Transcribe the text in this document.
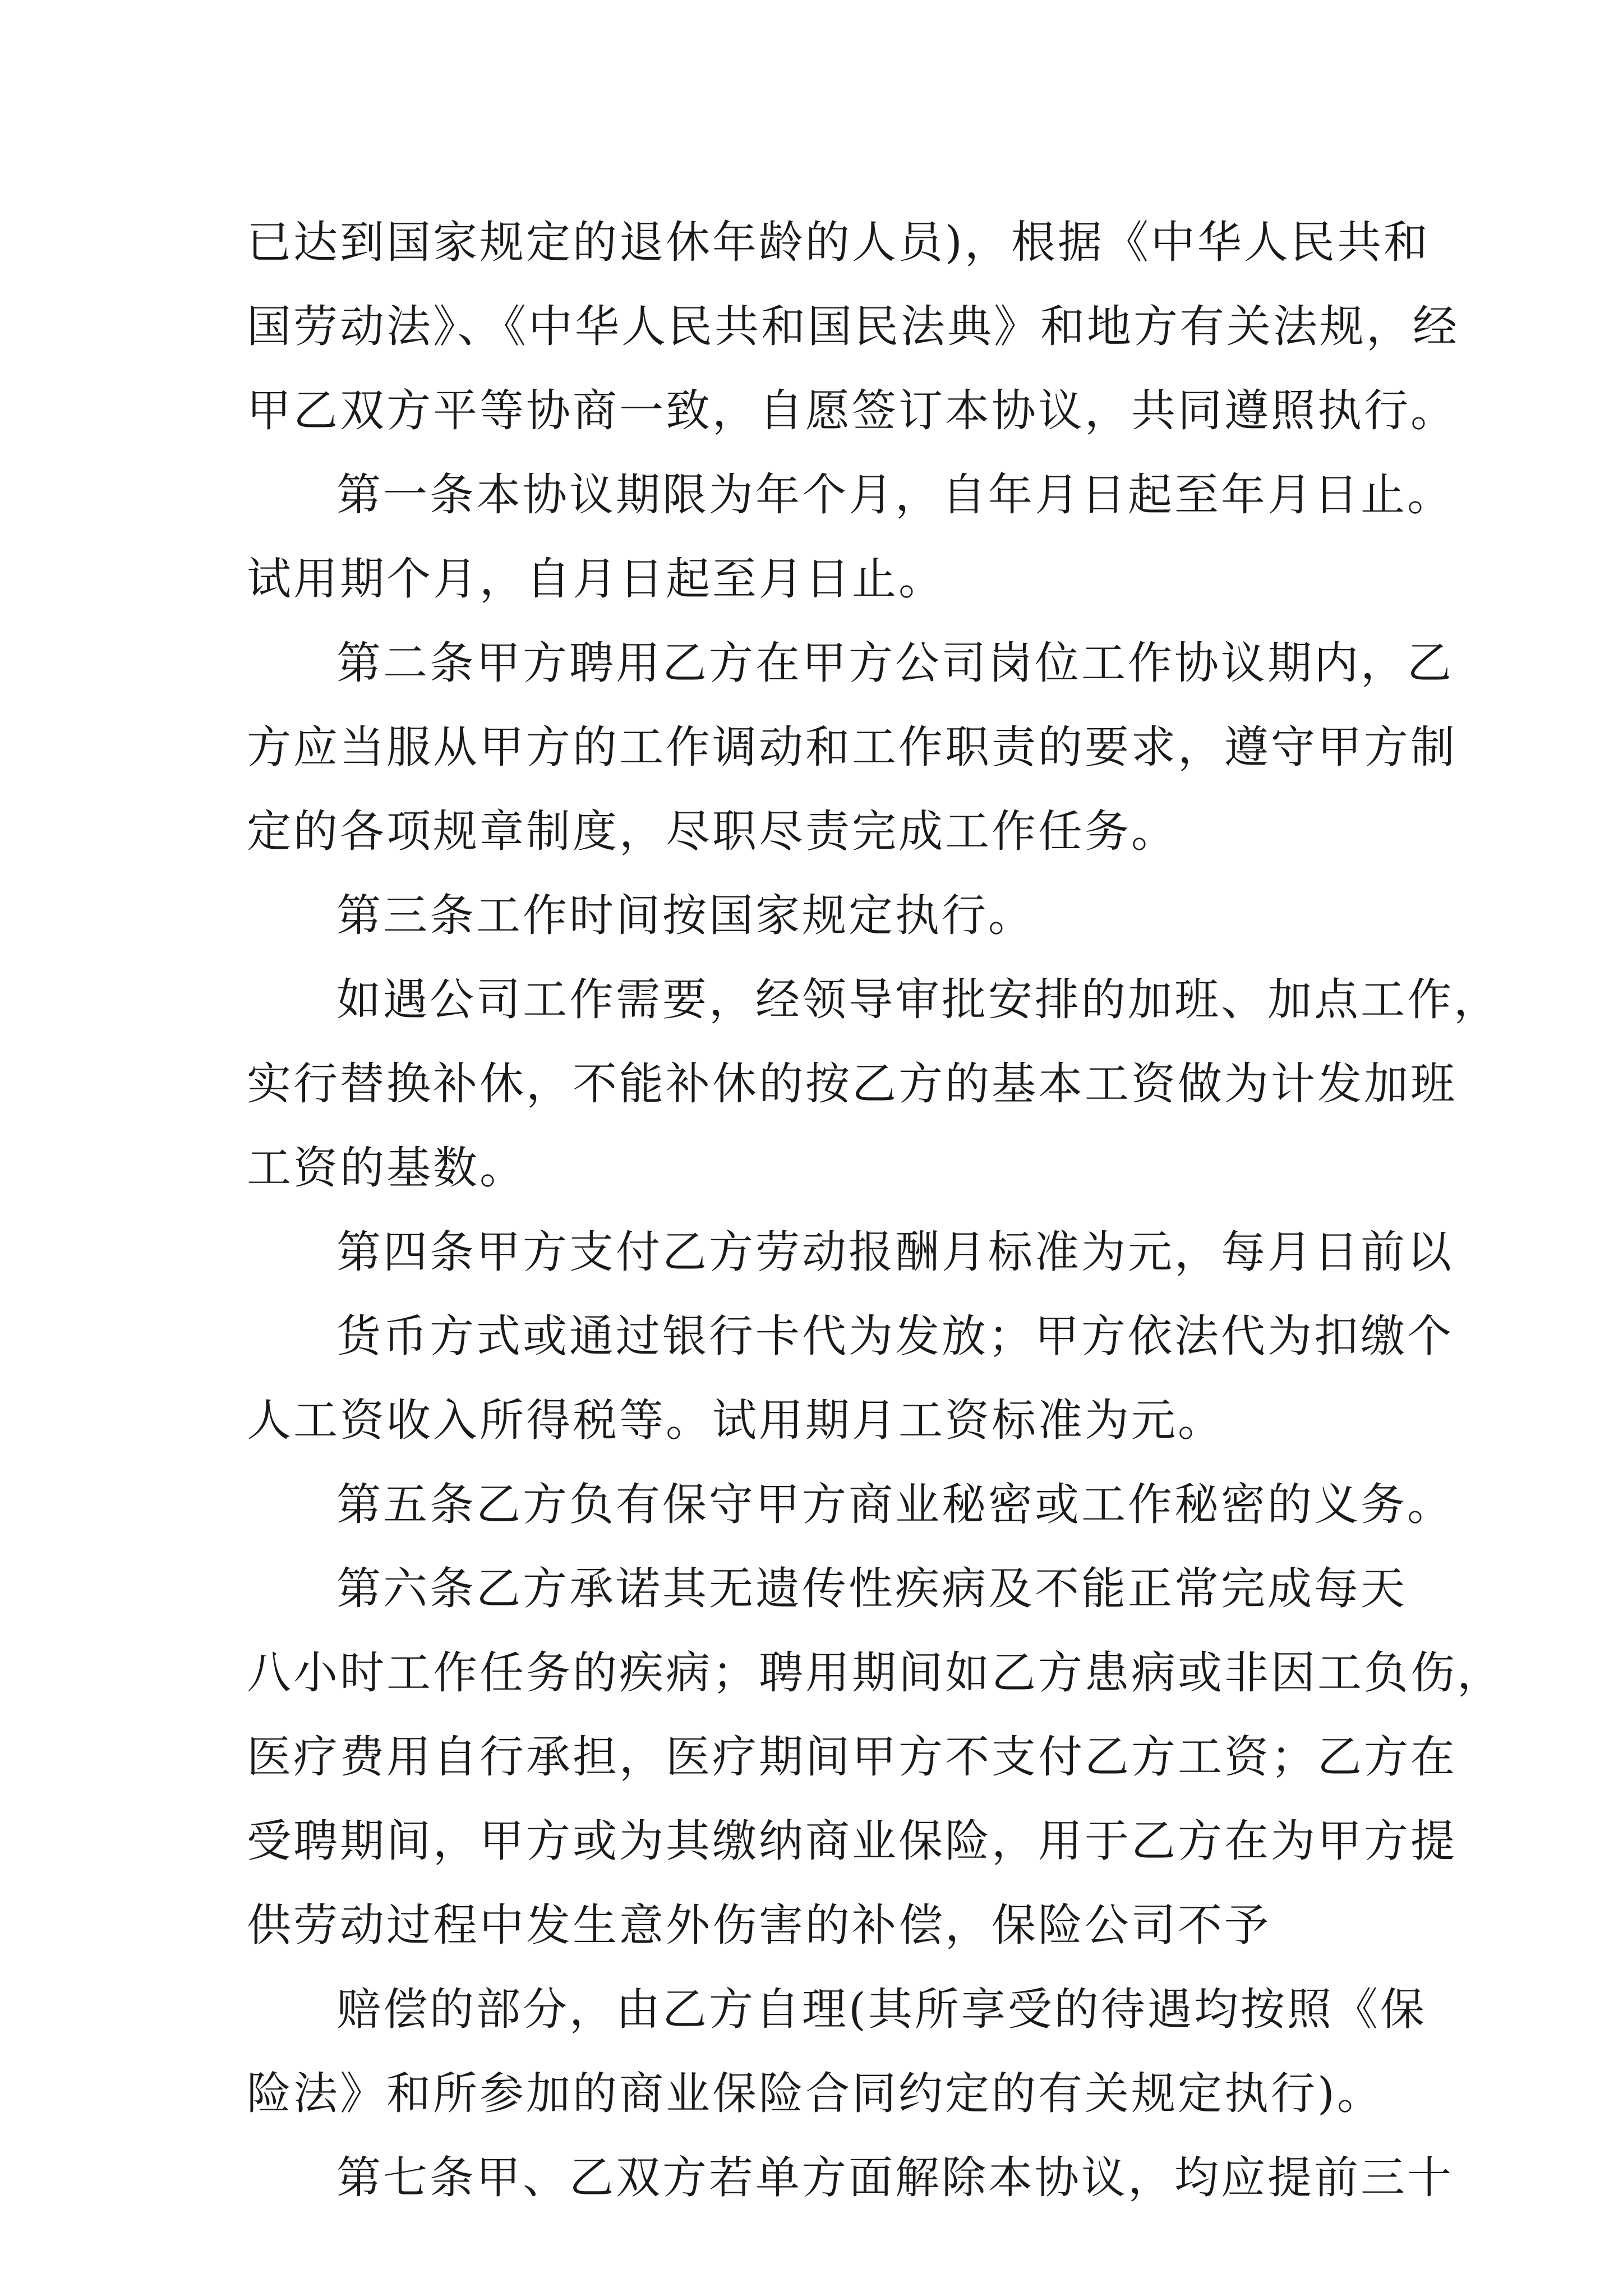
已达到国家规定的退休年龄的人员)，根据《中华人民共和

国劳动法》、《中华人民共和国民法典》和地方有关法规，经

甲乙双方平等协商一致，自愿签订本协议，共同遵照执行。

第一条本协议期限为年个月，自年月日起至年月日止。

试用期个月，自月日起至月日止。

第二条甲方聘用乙方在甲方公司岗位工作协议期内，乙

方应当服从甲方的工作调动和工作职责的要求，遵守甲方制

定的各项规章制度，尽职尽责完成工作任务。

第三条工作时间按国家规定执行。

如遇公司工作需要，经领导审批安排的加班、加点工作，

实行替换补休，不能补休的按乙方的基本工资做为计发加班

工资的基数。

第四条甲方支付乙方劳动报酬月标准为元，每月日前以

货币方式或通过银行卡代为发放；甲方依法代为扣缴个

人工资收入所得税等。试用期月工资标准为元。

第五条乙方负有保守甲方商业秘密或工作秘密的义务。

第六条乙方承诺其无遗传性疾病及不能正常完成每天

八小时工作任务的疾病；聘用期间如乙方患病或非因工负伤，

医疗费用自行承担，医疗期间甲方不支付乙方工资；乙方在

受聘期间，甲方或为其缴纳商业保险，用于乙方在为甲方提

供劳动过程中发生意外伤害的补偿，保险公司不予

赔偿的部分，由乙方自理(其所享受的待遇均按照《保

险法》和所参加的商业保险合同约定的有关规定执行)。

第七条甲、乙双方若单方面解除本协议，均应提前三十
